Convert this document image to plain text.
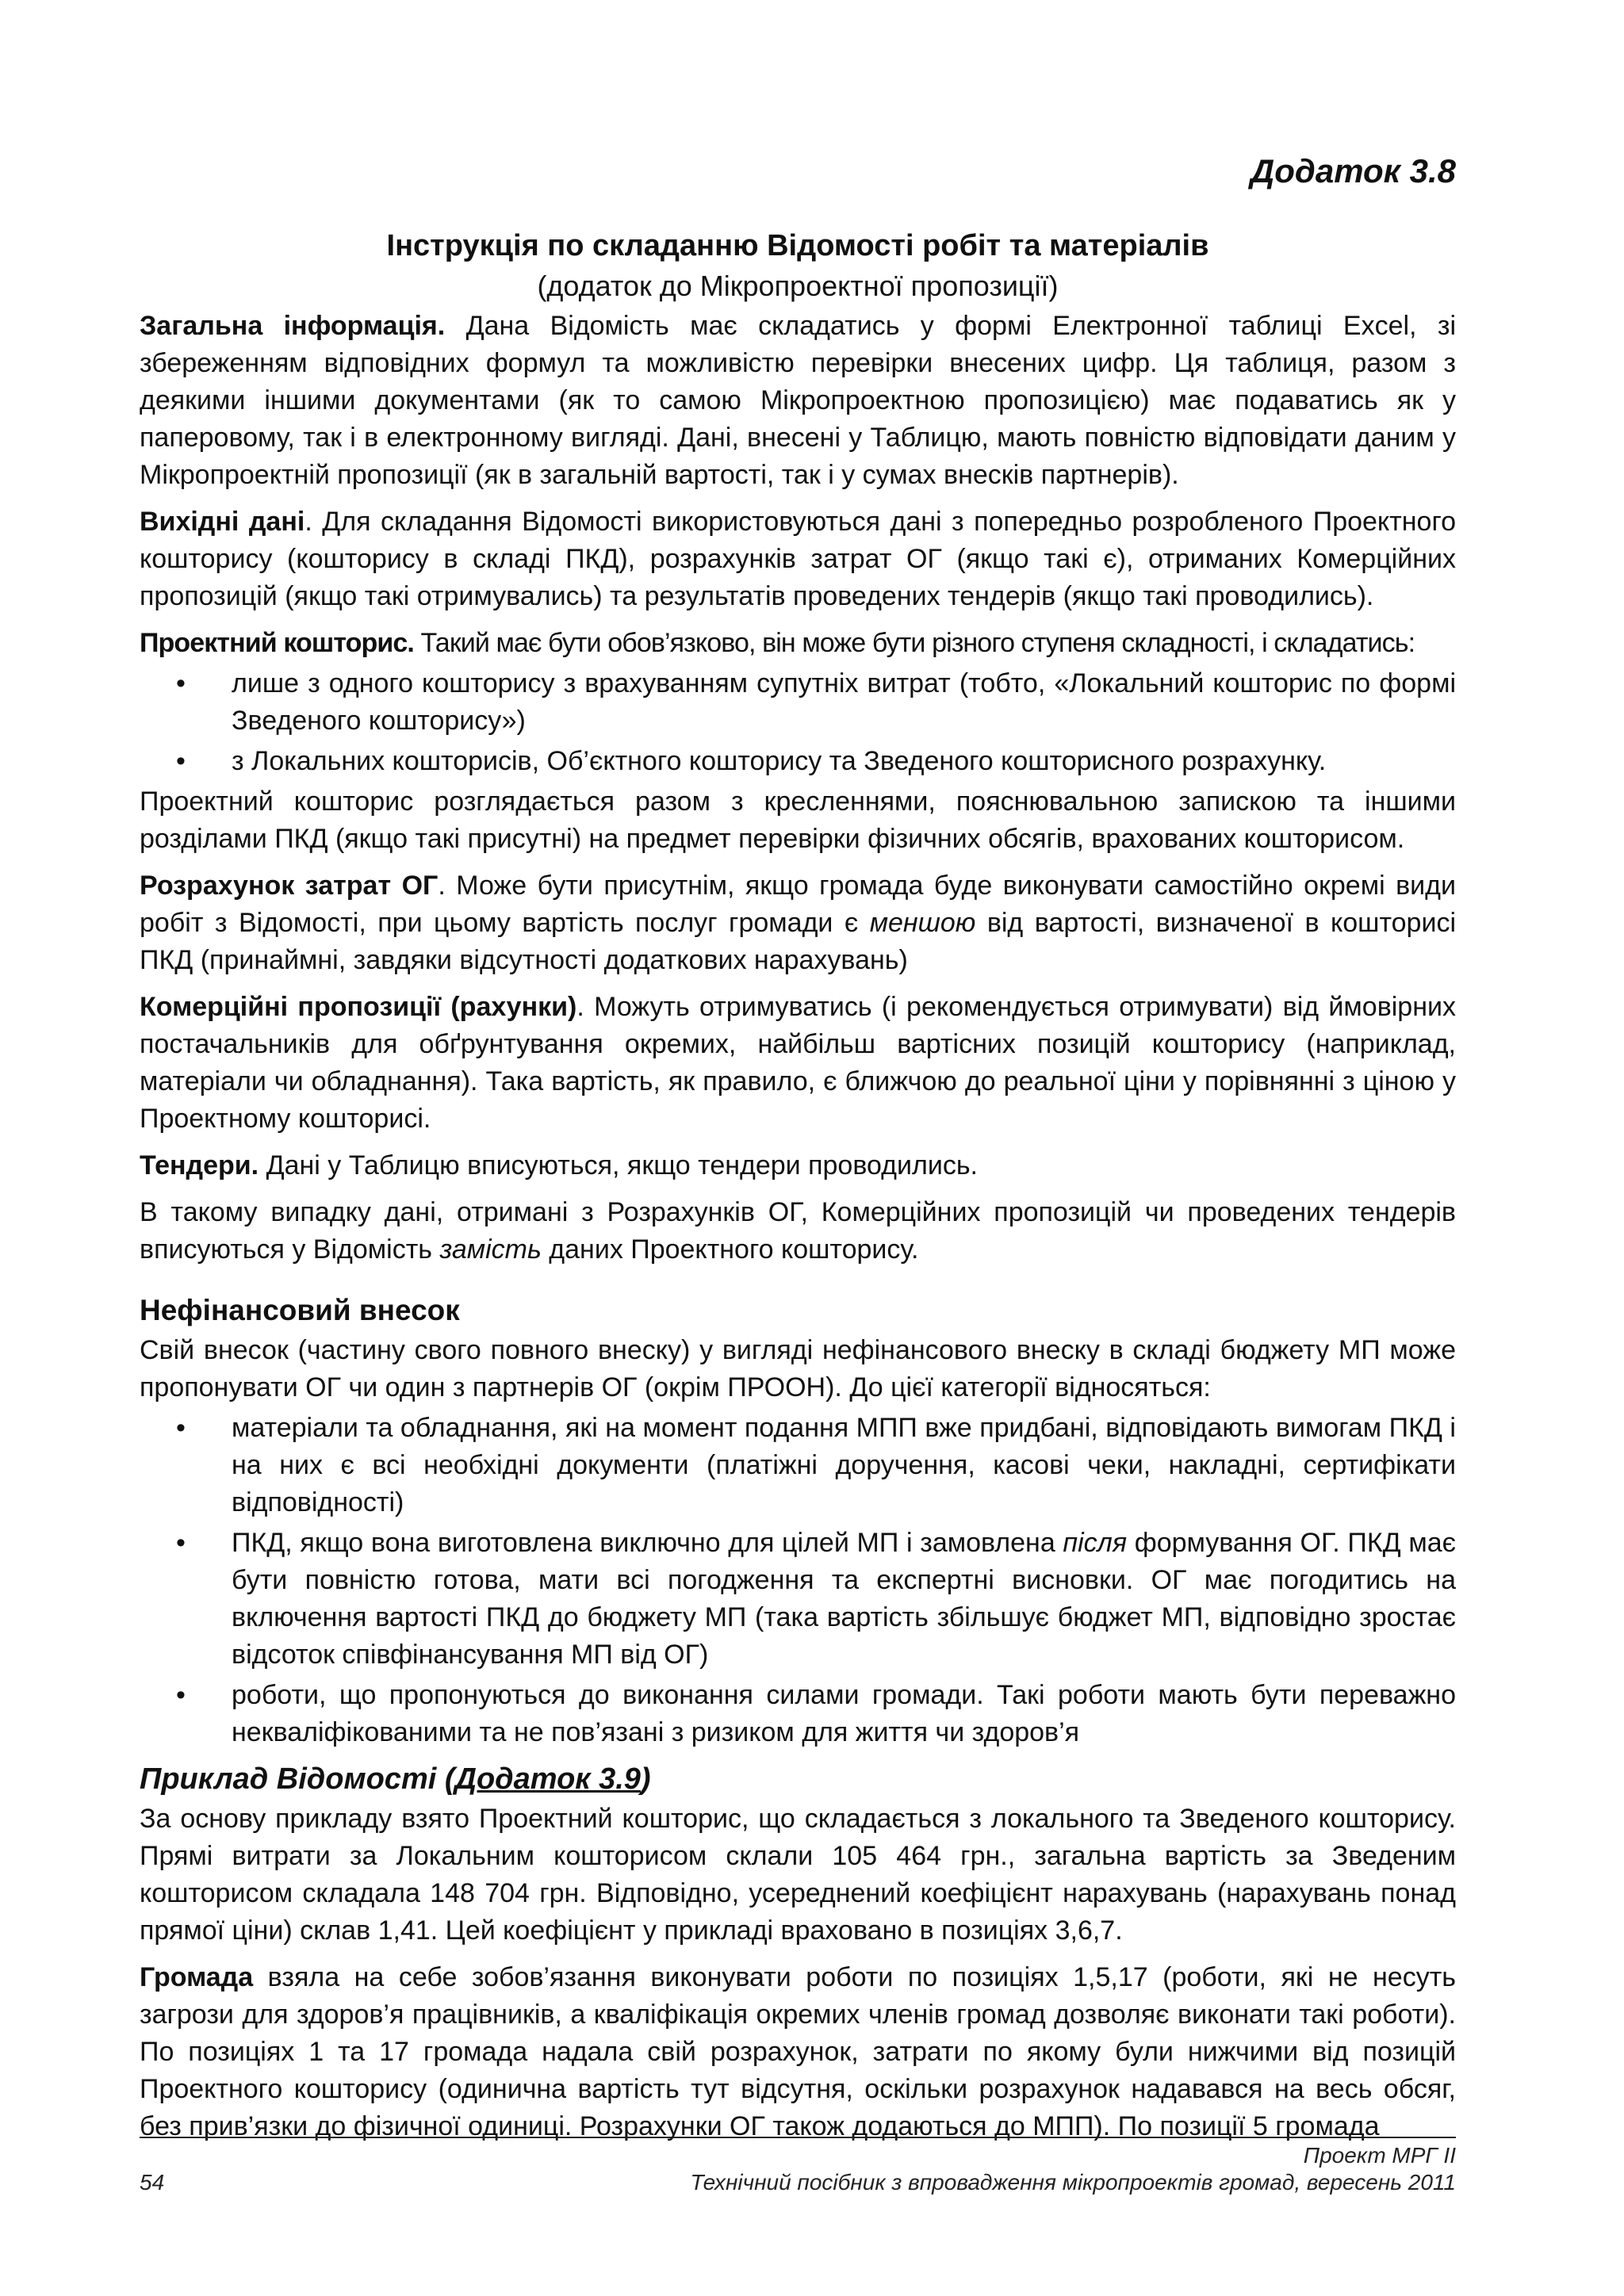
Додаток 3.8
Інструкція по складанню Відомості робіт та матеріалів
(додаток до Мікропроектної пропозиції)

Загальна інформація. Дана Відомість має складатись у формі Електронної таблиці Excel, зі збереженням відповідних формул та можливістю перевірки внесених цифр. Ця таблиця, разом з деякими іншими документами (як то самою Мікропроектною пропозицією) має подаватись як у паперовому, так і в електронному вигляді. Дані, внесені у Таблицю, мають повністю відповідати даним у Мікропроектній пропозиції (як в загальній вартості, так і у сумах внесків партнерів).

Вихідні дані. Для складання Відомості використовуються дані з попередньо розробленого Проектного кошторису (кошторису в складі ПКД), розрахунків затрат ОГ (якщо такі є), отриманих Комерційних пропозицій (якщо такі отримувались) та результатів проведених тендерів (якщо такі проводились).

Проектний кошторис. Такий має бути обов’язково, він може бути різного ступеня складності, і складатись:

• лише з одного кошторису з врахуванням супутніх витрат (тобто, «Локальний кошторис по формі Зведеного кошторису»)
• з Локальних кошторисів, Об’єктного кошторису та Зведеного кошторисного розрахунку.

Проектний кошторис розглядається разом з кресленнями, пояснювальною запискою та іншими розділами ПКД (якщо такі присутні) на предмет перевірки фізичних обсягів, врахованих кошторисом.

Розрахунок затрат ОГ. Може бути присутнім, якщо громада буде виконувати самостійно окремі види робіт з Відомості, при цьому вартість послуг громади є меншою від вартості, визначеної в кошторисі ПКД (принаймні, завдяки відсутності додаткових нарахувань)

Комерційні пропозиції (рахунки). Можуть отримуватись (і рекомендується отримувати) від ймовірних постачальників для обґрунтування окремих, найбільш вартісних позицій кошторису (наприклад, матеріали чи обладнання). Така вартість, як правило, є ближчою до реальної ціни у порівнянні з ціною у Проектному кошторисі.

Тендери. Дані у Таблицю вписуються, якщо тендери проводились.

В такому випадку дані, отримані з Розрахунків ОГ, Комерційних пропозицій чи проведених тендерів вписуються у Відомість замість даних Проектного кошторису.

Нефінансовий внесок

Свій внесок (частину свого повного внеску) у вигляді нефінансового внеску в складі бюджету МП може пропонувати ОГ чи один з партнерів ОГ (окрім ПРООН). До цієї категорії відносяться:

• матеріали та обладнання, які на момент подання МПП вже придбані, відповідають вимогам ПКД і на них є всі необхідні документи (платіжні доручення, касові чеки, накладні, сертифікати відповідності)
• ПКД, якщо вона виготовлена виключно для цілей МП і замовлена після формування ОГ. ПКД має бути повністю готова, мати всі погодження та експертні висновки. ОГ має погодитись на включення вартості ПКД до бюджету МП (така вартість збільшує бюджет МП, відповідно зростає відсоток співфінансування МП від ОГ)
• роботи, що пропонуються до виконання силами громади. Такі роботи мають бути переважно некваліфікованими та не пов’язані з ризиком для життя чи здоров’я
Приклад Відомості (Додаток 3.9)

За основу прикладу взято Проектний кошторис, що складається з локального та Зведеного кошторису. Прямі витрати за Локальним кошторисом склали 105 464 грн., загальна вартість за Зведеним кошторисом складала 148 704 грн. Відповідно, усереднений коефіцієнт нарахувань (нарахувань понад прямої ціни) склав 1,41. Цей коефіцієнт у прикладі враховано в позиціях 3,6,7.

Громада взяла на себе зобов’язання виконувати роботи по позиціях 1,5,17 (роботи, які не несуть загрози для здоров’я працівників, а кваліфікація окремих членів громад дозволяє виконати такі роботи). По позиціях 1 та 17 громада надала свій розрахунок, затрати по якому були нижчими від позицій Проектного кошторису (одинична вартість тут відсутня, оскільки розрахунок надавався на весь обсяг, без прив’язки до фізичної одиниці. Розрахунки ОГ також додаються до МПП). По позиції 5 громада

Проект МРГ ІІ
54	Технічний посібник з впровадження мікропроектів громад, вересень 2011
